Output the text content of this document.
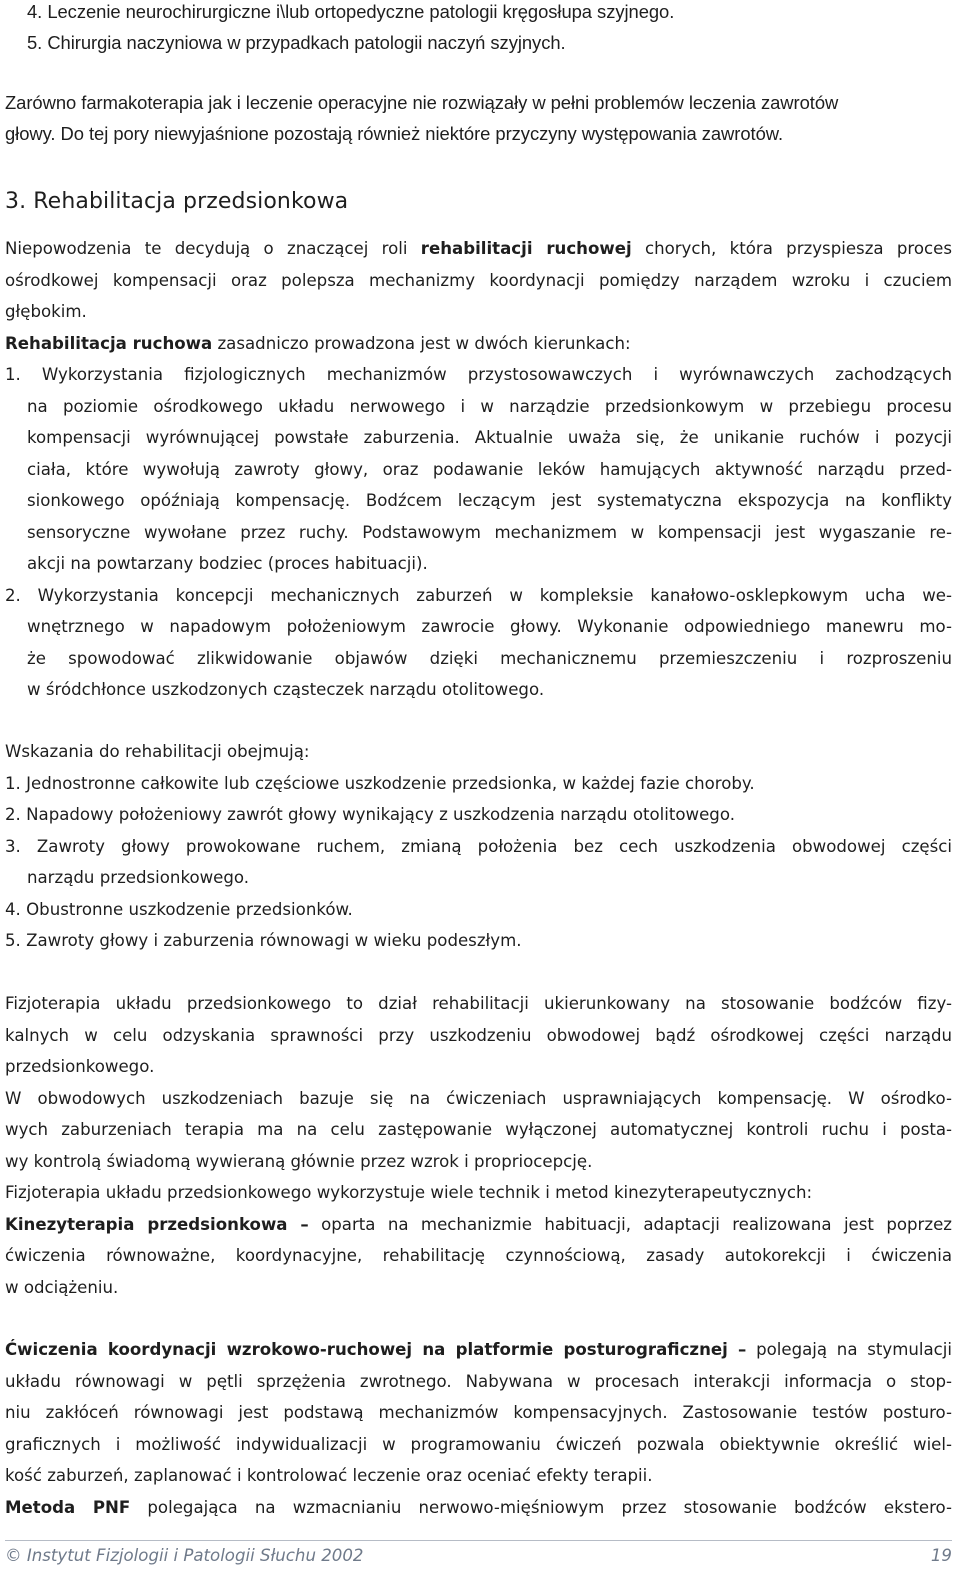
4. Leczenie neurochirurgiczne i\lub ortopedyczne patologii kręgosłupa szyjnego.
5. Chirurgia naczyniowa w przypadkach patologii naczyń szyjnych.
Zarówno farmakoterapia jak i leczenie operacyjne nie rozwiązały w pełni problemów leczenia zawrotów
głowy. Do tej pory niewyjaśnione pozostają również niektóre przyczyny występowania zawrotów.
3. Rehabilitacja przedsionkowa
Niepowodzenia te decydują o znaczącej roli rehabilitacji ruchowej chorych, która przyspiesza proces
ośrodkowej kompensacji oraz polepsza mechanizmy koordynacji pomiędzy narządem wzroku i czuciem
głębokim.
Rehabilitacja ruchowa zasadniczo prowadzona jest w dwóch kierunkach:
1. Wykorzystania fizjologicznych mechanizmów przystosowawczych i wyrównawczych zachodzących
na poziomie ośrodkowego układu nerwowego i w narządzie przedsionkowym w przebiegu procesu
kompensacji wyrównującej powstałe zaburzenia. Aktualnie uważa się, że unikanie ruchów i pozycji
ciała, które wywołują zawroty głowy, oraz podawanie leków hamujących aktywność narządu przed-
sionkowego opóźniają kompensację. Bodźcem leczącym jest systematyczna ekspozycja na konflikty
sensoryczne wywołane przez ruchy. Podstawowym mechanizmem w kompensacji jest wygaszanie re-
akcji na powtarzany bodziec (proces habituacji).
2. Wykorzystania koncepcji mechanicznych zaburzeń w kompleksie kanałowo-osklepkowym ucha we-
wnętrznego w napadowym położeniowym zawrocie głowy. Wykonanie odpowiedniego manewru mo-
że spowodować zlikwidowanie objawów dzięki mechanicznemu przemieszczeniu i rozproszeniu
w śródchłonce uszkodzonych cząsteczek narządu otolitowego.
Wskazania do rehabilitacji obejmują:
1. Jednostronne całkowite lub częściowe uszkodzenie przedsionka, w każdej fazie choroby.
2. Napadowy położeniowy zawrót głowy wynikający z uszkodzenia narządu otolitowego.
3. Zawroty głowy prowokowane ruchem, zmianą położenia bez cech uszkodzenia obwodowej części
narządu przedsionkowego.
4. Obustronne uszkodzenie przedsionków.
5. Zawroty głowy i zaburzenia równowagi w wieku podeszłym.
Fizjoterapia układu przedsionkowego to dział rehabilitacji ukierunkowany na stosowanie bodźców fizy-
kalnych w celu odzyskania sprawności przy uszkodzeniu obwodowej bądź ośrodkowej części narządu
przedsionkowego.
W obwodowych uszkodzeniach bazuje się na ćwiczeniach usprawniających kompensację. W ośrodko-
wych zaburzeniach terapia ma na celu zastępowanie wyłączonej automatycznej kontroli ruchu i posta-
wy kontrolą świadomą wywieraną głównie przez wzrok i propriocepcję.
Fizjoterapia układu przedsionkowego wykorzystuje wiele technik i metod kinezyterapeutycznych:
Kinezyterapia przedsionkowa – oparta na mechanizmie habituacji, adaptacji realizowana jest poprzez
ćwiczenia równoważne, koordynacyjne, rehabilitację czynnościową, zasady autokorekcji i ćwiczenia
w odciążeniu.
Ćwiczenia koordynacji wzrokowo-ruchowej na platformie posturograficznej – polegają na stymulacji
układu równowagi w pętli sprzężenia zwrotnego. Nabywana w procesach interakcji informacja o stop-
niu zakłóceń równowagi jest podstawą mechanizmów kompensacyjnych. Zastosowanie testów posturo-
graficznych i możliwość indywidualizacji w programowaniu ćwiczeń pozwala obiektywnie określić wiel-
kość zaburzeń, zaplanować i kontrolować leczenie oraz oceniać efekty terapii.
Metoda PNF polegająca na wzmacnianiu nerwowo-mięśniowym przez stosowanie bodźców ekstero-
© Instytut Fizjologii i Patologii Słuchu 2002	19
